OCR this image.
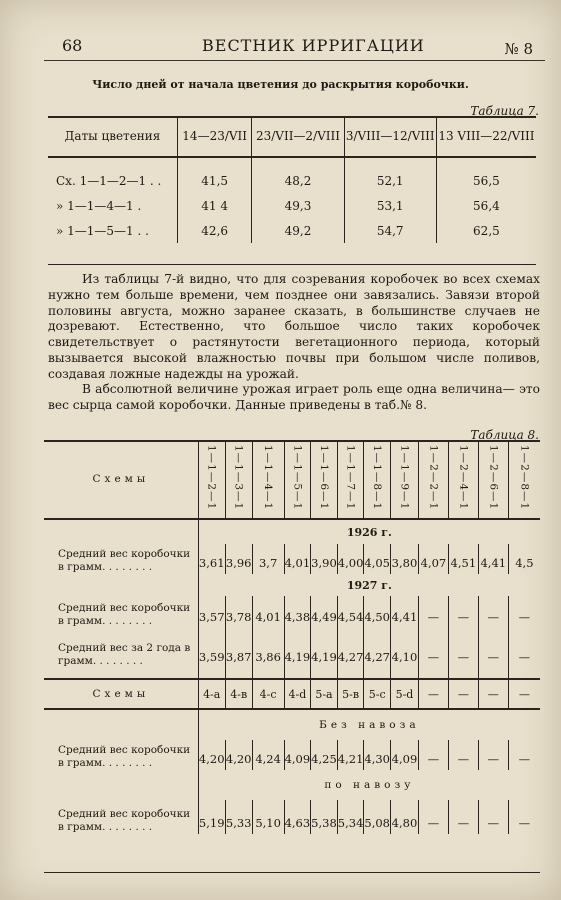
68	ВЕСТНИК ИРРИГАЦИИ	№ 8
Число дней от начала цветения до раскрытия коробочки.
Таблица 7.
Даты цветения	14—23/VII	23/VII—2/VIII	3/VIII—12/VIII	13 VIII—22/VIII

Сх. 1—1—2—1 . .	41,5	48,2	52,1	56,5
» 1—1—4—1 .	41 4	49,3	53,1	56,4
» 1—1—5—1 . .	42,6	49,2	54,7	62,5

Из таблицы 7-й видно, что для созревания коробочек во всех схемах нужно тем больше времени, чем позднее они завязались. Завязи второй половины августа, можно заранее сказать, в большинстве случаев не дозревают. Естественно, что большое число таких коробочек свидетельствует о растянутости вегетационного периода, который вызывается высокой влажностью почвы при большом числе поливов, создавая ложные надежды на урожай.

В абсолютной величине урожая играет роль еще одна величина— это вес сырца самой коробочки. Данные приведены в таб.№ 8.

Таблица 8.
Схемы	1—1—2—1	1—1—3—1	1—1—4—1	1—1—5—1	1—1—6—1	1—1—7—1	1—1—8—1	1—1—9—1	1—2—2—1	1—2—4—1	1—2—6—1	1—2—8—1
	1926 г.											
Средний вес коробочки в грамм. . . . . . . .	3,61	3,96	3,7	4,01	3,90	4,00	4,05	3,80	4,07	4,51	4,41	4,5
	1927 г.											
Средний вес коробочки в грамм. . . . . . . .	3,57	3,78	4,01	4,38	4,49	4,54	4,50	4,41	—	—	—	—
Средний вес за 2 года в грамм. . . . . . . .	3,59	3,87	3,86	4,19	4,19	4,27	4,27	4,10	—	—	—	—
Схемы	4-а	4-в	4-с	4-d	5-а	5-в	5-с	5-d	—	—	—	—
	Без навоза											
Средний вес коробочки в грамм. . . . . . . .	4,20	4,20	4,24	4,09	4,25	4,21	4,30	4,09	—	—	—	—
	по навозу											
Средний вес коробочки в грамм. . . . . . . .	5,19	5,33	5,10	4,63	5,38	5,34	5,08	4,80	—	—	—	—
